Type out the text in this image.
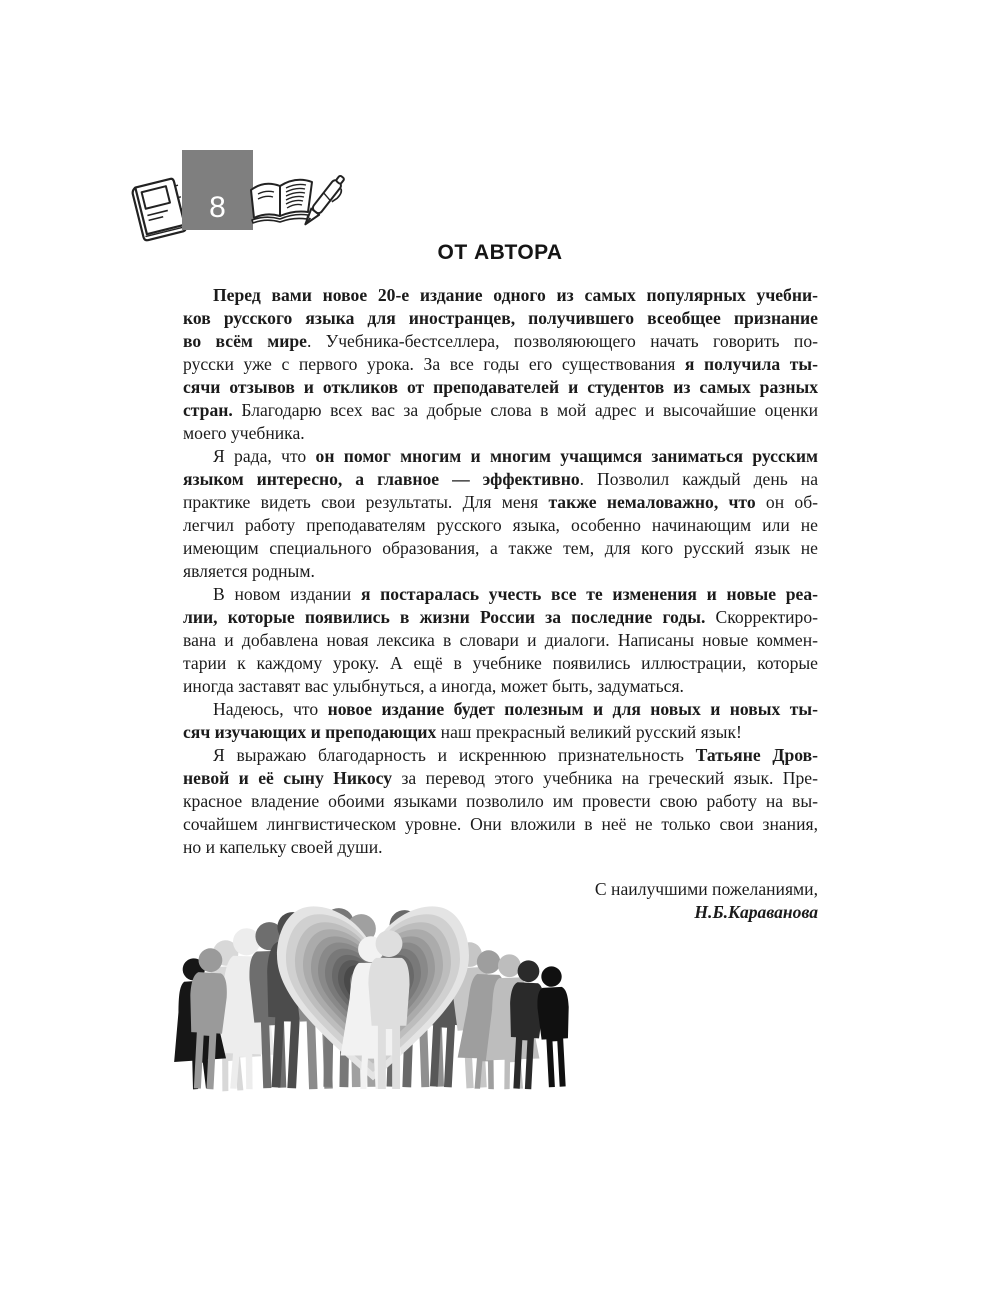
8
ОТ АВТОРА
Перед вами новое 20-е издание одного из самых популярных учебни-
ков русского языка для иностранцев, получившего всеобщее признание
во всём мире. Учебника-бестселлера, позволяюющего начать говорить по-
русски уже с первого урока. За все годы его существования я получила ты-
сячи отзывов и откликов от преподавателей и студентов из самых разных
стран. Благодарю всех вас за добрые слова в мой адрес и высочайшие оценки
моего учебника.
Я рада, что он помог многим и многим учащимся заниматься русским
языком интересно, а главное — эффективно. Позволил каждый день на
практике видеть свои результаты. Для меня также немаловажно, что он об-
легчил работу преподавателям русского языка, особенно начинающим или не
имеющим специального образования, а также тем, для кого русский язык не
является родным.
В новом издании я постаралась учесть все те изменения и новые реа-
лии, которые появились в жизни России за последние годы. Скорректиро-
вана и добавлена новая лексика в словари и диалоги. Написаны новые коммен-
тарии к каждому уроку. А ещё в учебнике появились иллюстрации, которые
иногда заставят вас улыбнуться, а иногда, может быть, задуматься.
Надеюсь, что новое издание будет полезным и для новых и новых ты-
сяч изучающих и преподающих наш прекрасный великий русский язык!
Я выражаю благодарность и искреннюю признательность Татьяне Дров-
невой и её сыну Никосу за перевод этого учебника на греческий язык. Пре-
красное владение обоими языками позволило им провести свою работу на вы-
сочайшем лингвистическом уровне. Они вложили в неё не только свои знания,
но и капельку своей души.
С наилучшими пожеланиями,
Н.Б.Караванова
